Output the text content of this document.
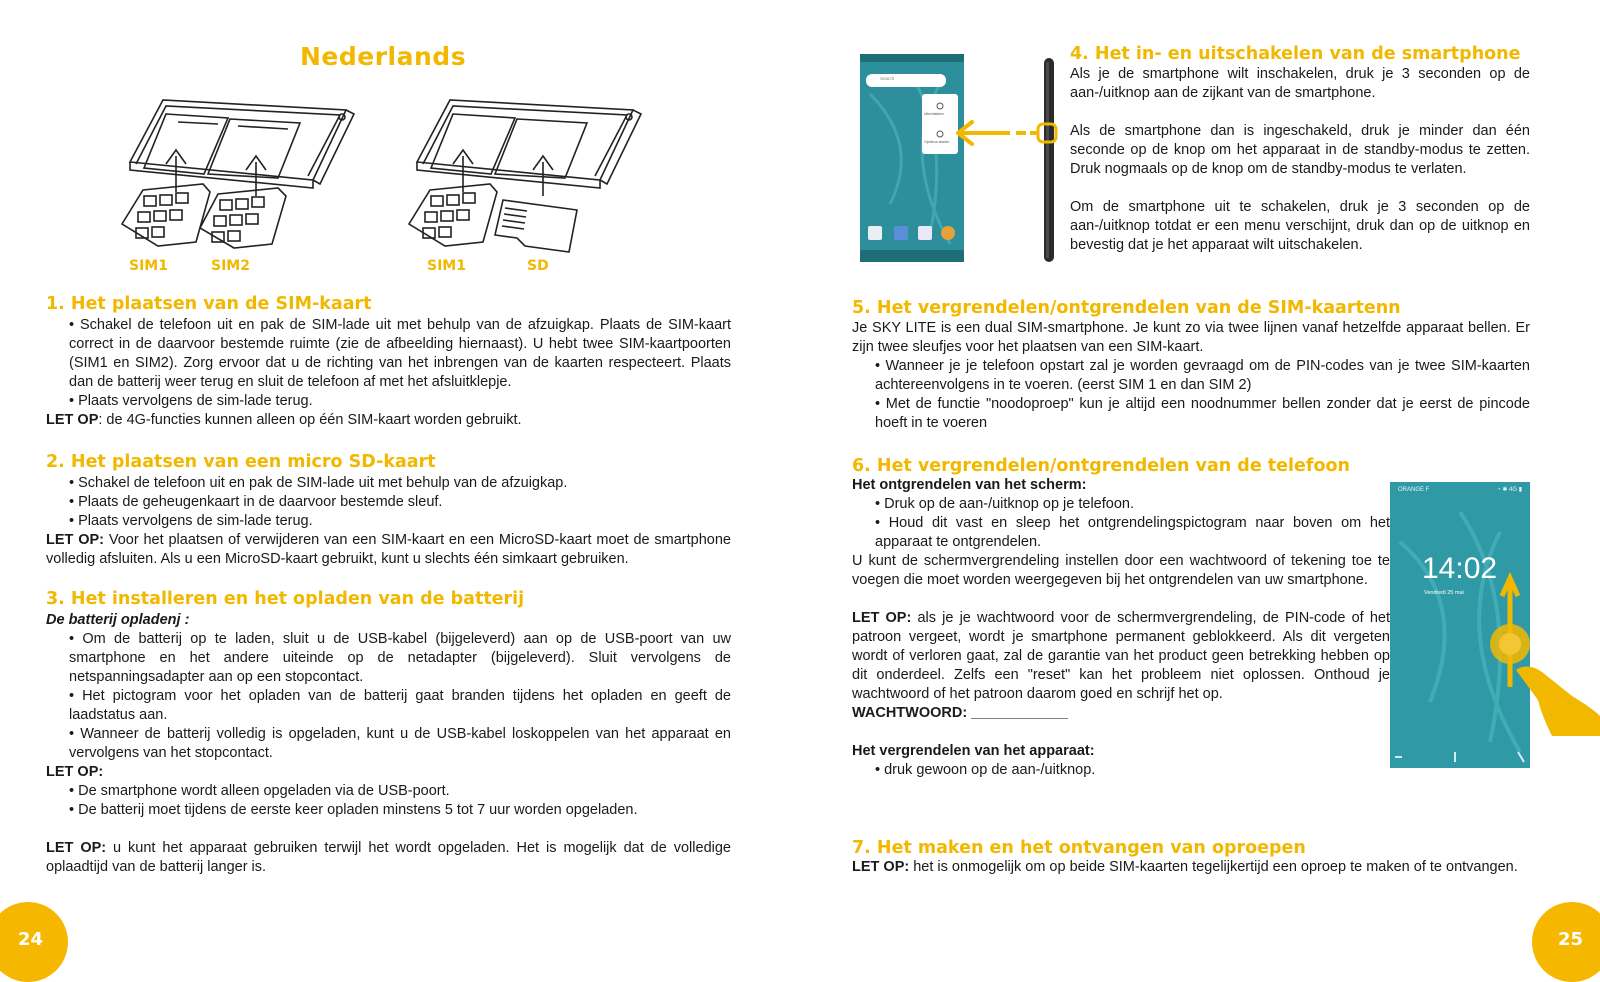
Nederlands
SIM1	SIM2	SIM1	SD
1. Het plaatsen van de SIM-kaart

• Schakel de telefoon uit en pak de SIM-lade uit met behulp van de afzuigkap. Plaats de SIM-kaart correct in de daarvoor bestemde ruimte (zie de afbeelding hiernaast). U hebt twee SIM-kaartpoorten (SIM1 en SIM2). Zorg ervoor dat u de richting van het inbrengen van de kaarten respecteert. Plaats dan de batterij weer terug en sluit de telefoon af met het afsluitklepje.

• Plaats vervolgens de sim-lade terug.

LET OP: de 4G-functies kunnen alleen op één SIM-kaart worden gebruikt.

2. Het plaatsen van een micro SD-kaart

• Schakel de telefoon uit en pak de SIM-lade uit met behulp van de afzuigkap.

• Plaats de geheugenkaart in de daarvoor bestemde sleuf.

• Plaats vervolgens de sim-lade terug.

LET OP: Voor het plaatsen of verwijderen van een SIM-kaart en een MicroSD-kaart moet de smartphone volledig afsluiten. Als u een MicroSD-kaart gebruikt, kunt u slechts één simkaart gebruiken.

3. Het installeren en het opladen van de batterij

De batterij opladenj :

• Om de batterij op te laden, sluit u de USB-kabel (bijgeleverd) aan op de USB-poort van uw smartphone en het andere uiteinde op de netadapter (bijgeleverd). Sluit vervolgens de netspanningsadapter aan op een stopcontact.

• Het pictogram voor het opladen van de batterij gaat branden tijdens het opladen en geeft de laadstatus aan.

• Wanneer de batterij volledig is opgeladen, kunt u de USB-kabel loskoppelen van het apparaat en vervolgens van het stopcontact.

LET OP:

• De smartphone wordt alleen opgeladen via de USB-poort.

• De batterij moet tijdens de eerste keer opladen minstens 5 tot 7 uur worden opgeladen.

LET OP: u kunt het apparaat gebruiken terwijl het wordt opgeladen. Het is mogelijk dat de volledige oplaadtijd van de batterij langer is.

24
Search
Uitschakelen
Opnieuw starten
4. Het in- en uitschakelen van de smartphone

Als je de smartphone wilt inschakelen, druk je 3 seconden op de aan-/uitknop aan de zijkant van de smartphone.

Als de smartphone dan is ingeschakeld, druk je minder dan één seconde op de knop om het apparaat in de standby-modus te zetten. Druk nogmaals op de knop om de standby-modus te verlaten.

Om de smartphone uit te schakelen, druk je 3 seconden op de aan-/uitknop totdat er een menu verschijnt, druk dan op de uitknop en bevestig dat je het apparaat wilt uitschakelen.

5. Het vergrendelen/ontgrendelen van de SIM-kaartenn

Je SKY LITE is een dual SIM-smartphone. Je kunt zo via twee lijnen vanaf hetzelfde apparaat bellen. Er zijn twee sleufjes voor het plaatsen van een SIM-kaart.

• Wanneer je je telefoon opstart zal je worden gevraagd om de PIN-codes van je twee SIM-kaarten achtereenvolgens in te voeren. (eerst SIM 1 en dan SIM 2)

• Met de functie "noodoproep" kun je altijd een noodnummer bellen zonder dat je eerst de pincode hoeft in te voeren

6. Het vergrendelen/ontgrendelen van de telefoon

Het ontgrendelen van het scherm:

• Druk op de aan-/uitknop op je telefoon.

• Houd dit vast en sleep het ontgrendelingspictogram naar boven om het apparaat te ontgrendelen.

U kunt de schermvergrendeling instellen door een wachtwoord of tekening toe te voegen die moet worden weergegeven bij het ontgrendelen van uw smartphone.

LET OP: als je je wachtwoord voor de schermvergrendeling, de PIN-code of het patroon vergeet, wordt je smartphone permanent geblokkeerd. Als dit vergeten wordt of verloren gaat, zal de garantie van het product geen betrekking hebben op dit onderdeel. Zelfs een "reset" kan het probleem niet oplossen. Onthoud je wachtwoord of het patroon daarom goed en schrijf het op.

WACHTWOORD: ____________

Het vergrendelen van het apparaat:

• druk gewoon op de aan-/uitknop.

ORANGE F	◔ ✱ 4G ▮
14:02
Vendredi 25 mai
7. Het maken en het ontvangen van oproepen

LET OP: het is onmogelijk om op beide SIM-kaarten tegelijkertijd een oproep te maken of te ontvangen.

25
